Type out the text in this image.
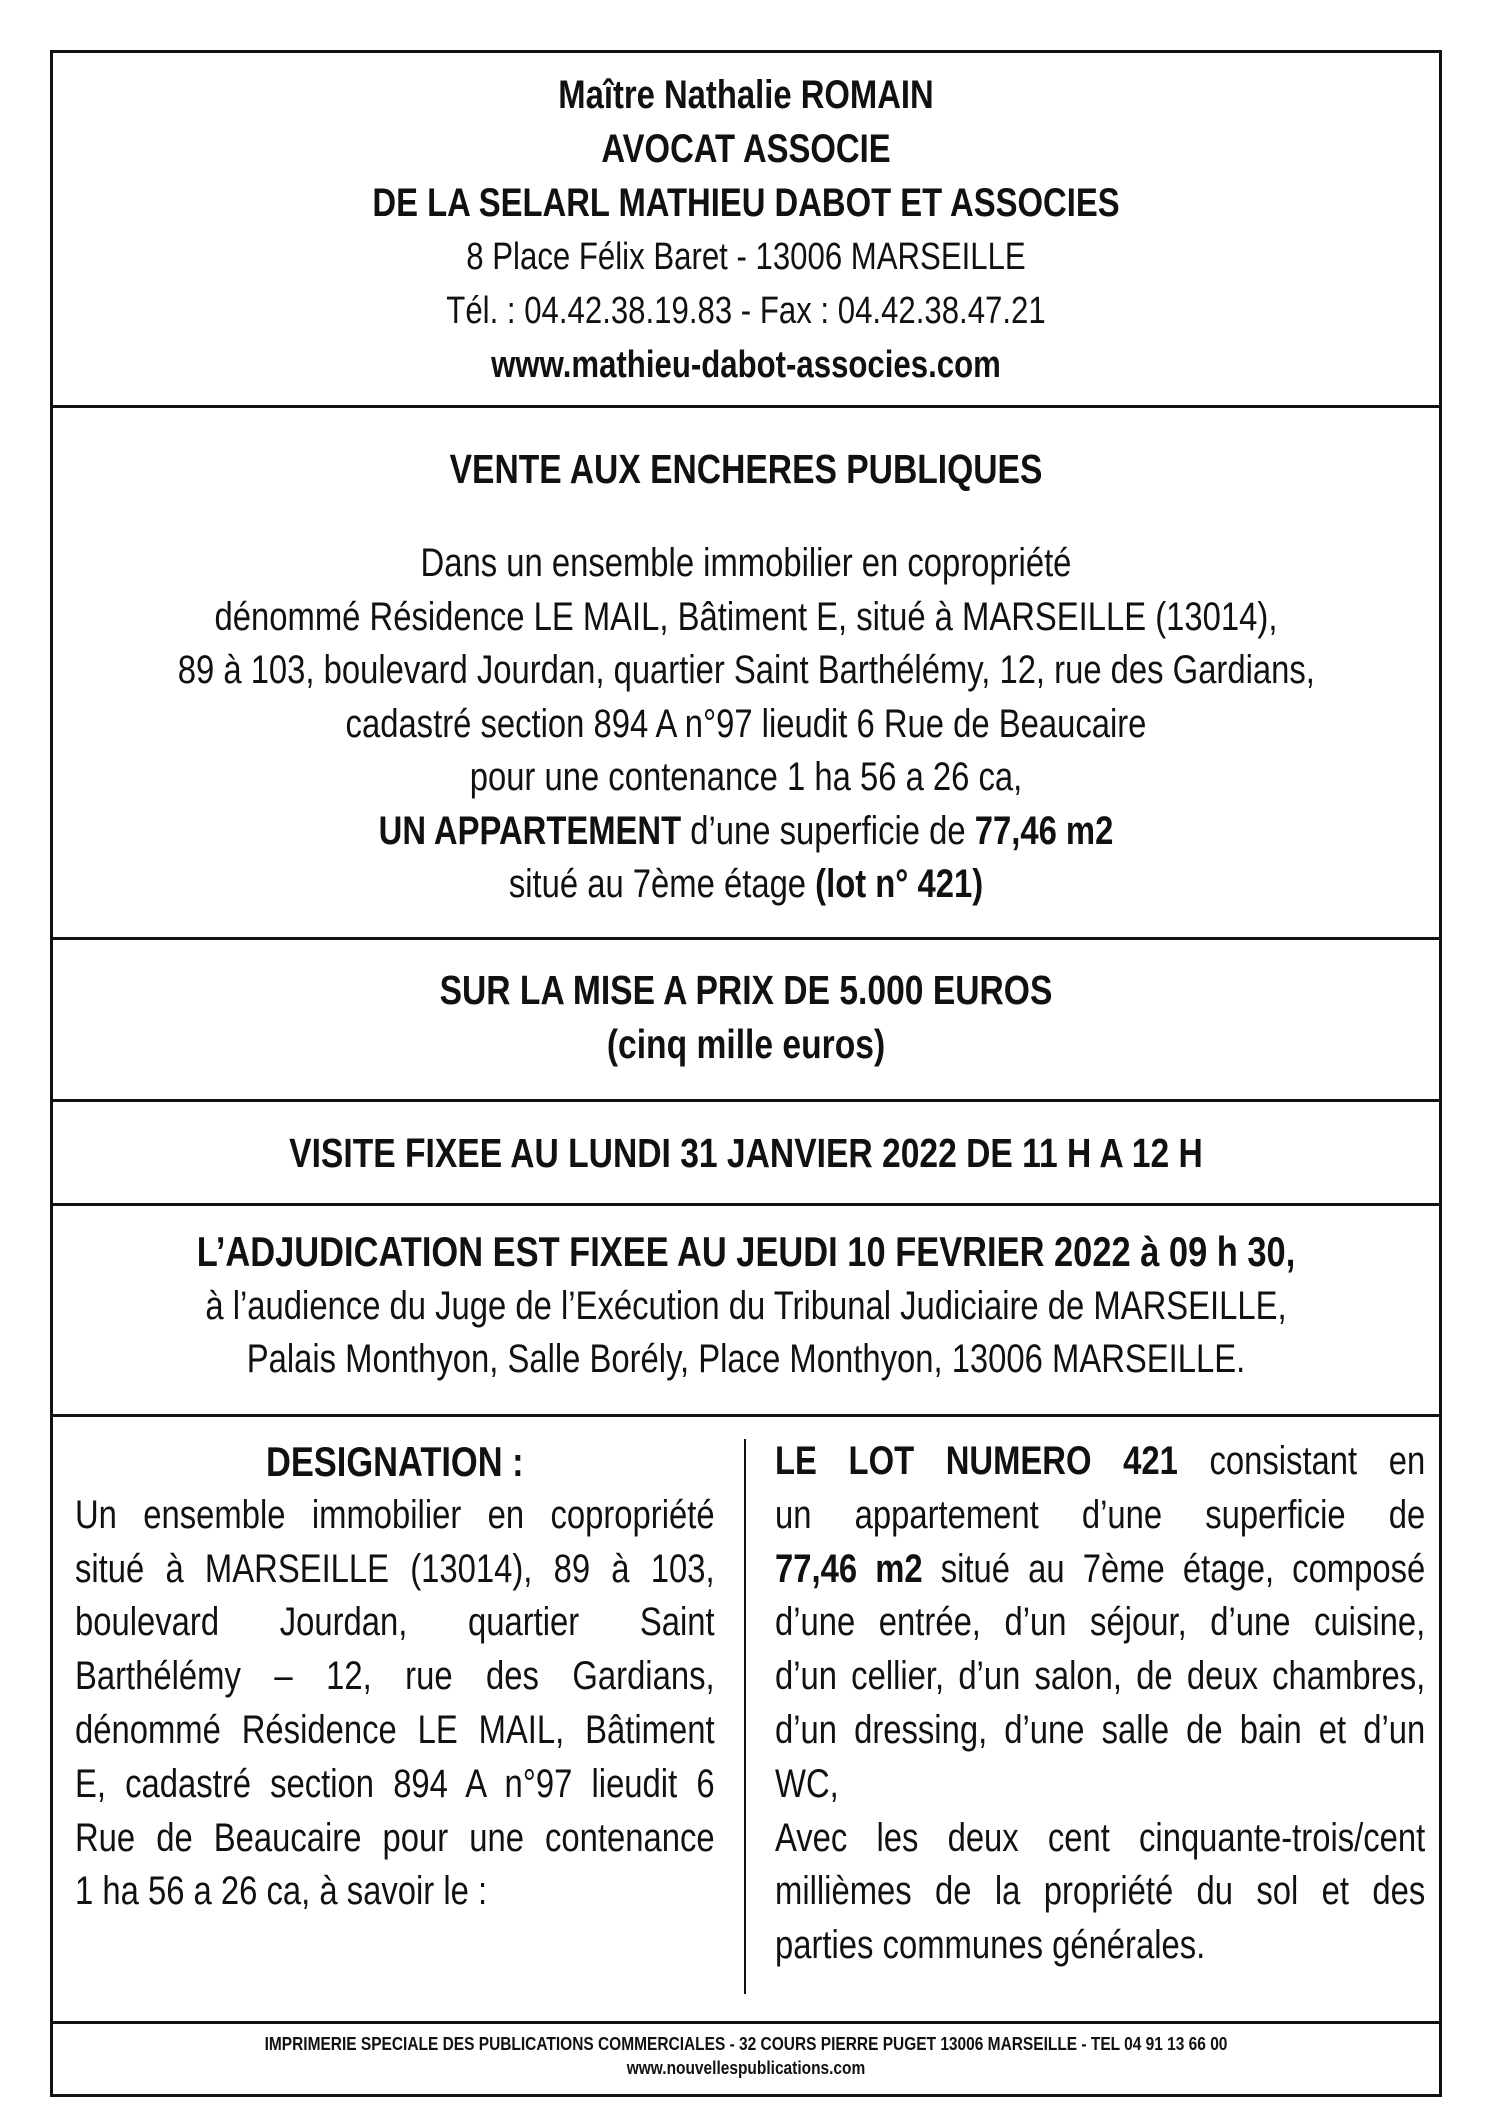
Maître Nathalie ROMAIN
AVOCAT ASSOCIE
DE LA SELARL MATHIEU DABOT ET ASSOCIES
8 Place Félix Baret - 13006 MARSEILLE
Tél. : 04.42.38.19.83 - Fax : 04.42.38.47.21
www.mathieu-dabot-associes.com
VENTE AUX ENCHERES PUBLIQUES
Dans un ensemble immobilier en copropriété
dénommé Résidence LE MAIL, Bâtiment E, situé à MARSEILLE (13014),
89 à 103, boulevard Jourdan, quartier Saint Barthélémy, 12, rue des Gardians,
cadastré section 894 A n°97 lieudit 6 Rue de Beaucaire
pour une contenance 1 ha 56 a 26 ca,
UN APPARTEMENT d’une superficie de 77,46 m2
situé au 7ème étage (lot n° 421)
SUR LA MISE A PRIX DE 5.000 EUROS
(cinq mille euros)
VISITE FIXEE AU LUNDI 31 JANVIER 2022 DE 11 H A 12 H
L’ADJUDICATION EST FIXEE AU JEUDI 10 FEVRIER 2022 à 09 h 30,
à l’audience du Juge de l’Exécution du Tribunal Judiciaire de MARSEILLE,
Palais Monthyon, Salle Borély, Place Monthyon, 13006 MARSEILLE.
DESIGNATION :
Un ensemble immobilier en copropriété
situé à MARSEILLE (13014), 89 à 103,
boulevard Jourdan, quartier Saint
Barthélémy – 12, rue des Gardians,
dénommé Résidence LE MAIL, Bâtiment
E, cadastré section 894 A n°97 lieudit 6
Rue de Beaucaire pour une contenance
1 ha 56 a 26 ca, à savoir le :
LE LOT NUMERO 421 consistant en
un appartement d’une superficie de
77,46 m2 situé au 7ème étage, composé
d’une entrée, d’un séjour, d’une cuisine,
d’un cellier, d’un salon, de deux chambres,
d’un dressing, d’une salle de bain et d’un
WC,
Avec les deux cent cinquante-trois/cent
millièmes de la propriété du sol et des
parties communes générales.
IMPRIMERIE SPECIALE DES PUBLICATIONS COMMERCIALES - 32 COURS PIERRE PUGET 13006 MARSEILLE - TEL 04 91 13 66 00
www.nouvellespublications.com
